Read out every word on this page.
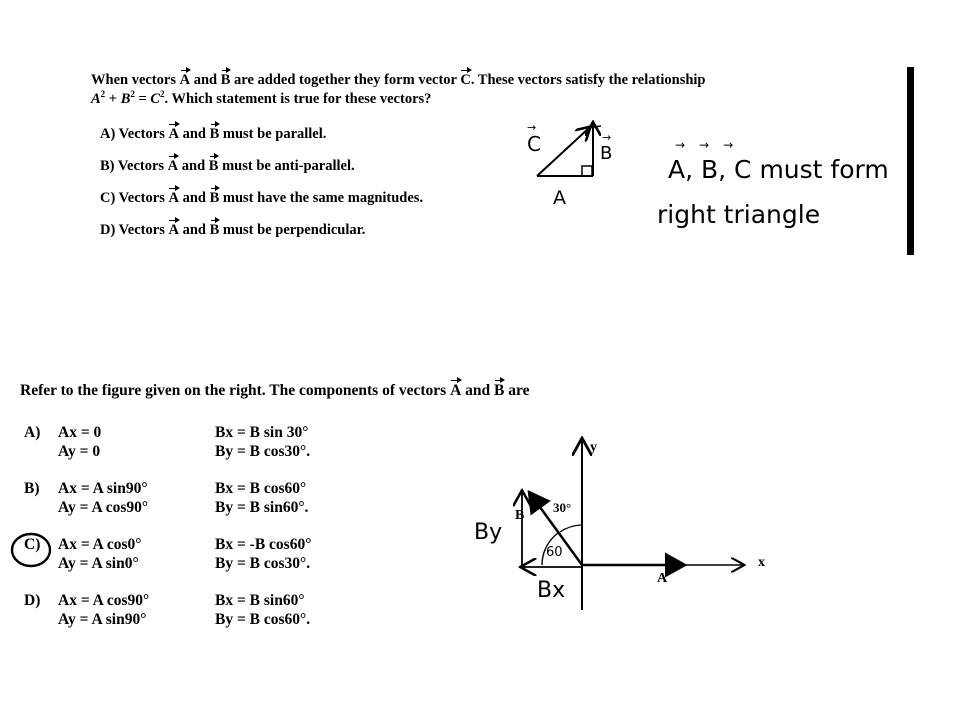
When vectors A and B are added together they form vector C. These vectors satisfy the relationship
$A^2 + B^2 = C^2$. Which statement is true for these vectors?
A) Vectors A and B must be parallel.
B) Vectors A and B must be anti-parallel.
C) Vectors A and B must have the same magnitudes.
D) Vectors A and B must be perpendicular.
C
→
B
→
A
A, B, C must form
→→→
right triangle
Refer to the figure given on the right. The components of vectors A and B are
A) Ax = 0
Ay = 0
Bx = B sin 30°
By = B cos30°.
B) Ax = A sin90°
Ay = A cos90°
Bx = B cos60°
By = B sin60°.
C) Ax = A cos0°
Ay = A sin0°
Bx = -B cos60°
By = B cos30°.
D) Ax = A cos90°
Ay = A sin90°
Bx = B sin60°
By = B cos60°.
y
x
A
B
30°
60
By
Bx
